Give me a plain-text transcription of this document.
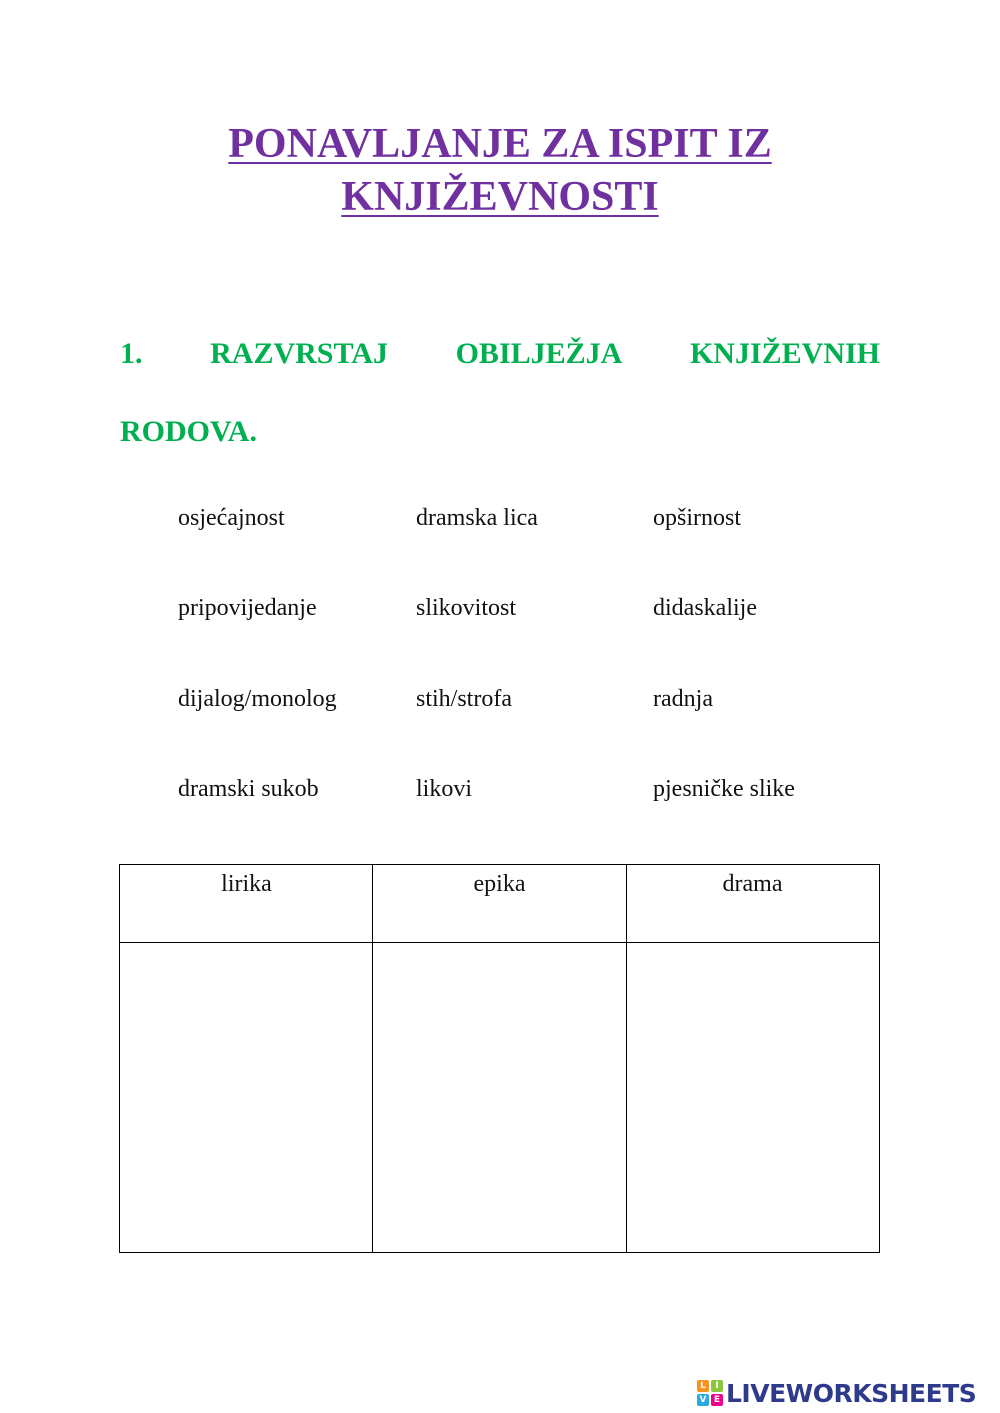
PONAVLJANJE ZA ISPIT IZ
KNJIŽEVNOSTI
1. RAZVRSTAJ OBILJEŽJA KNJIŽEVNIH
RODOVA.
osjećajnost	dramska lica	opširnost
pripovijedanje	slikovitost	didaskalije
dijalog/monolog	stih/strofa	radnja
dramski sukob	likovi	pjesničke slike
lirika	epika	drama
L	I
V E LIVEWORKSHEETS
